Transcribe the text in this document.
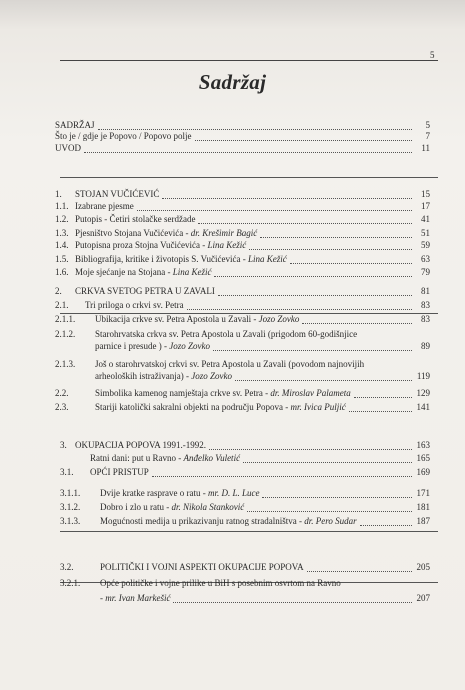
5
Sadržaj
SADRŽAJ	5
Što je / gdje je Popovo / Popovo polje	7
UVOD	11
1. STOJAN VUČIĆEVIĆ	15
1.1. Izabrane pjesme	17
1.2. Putopis - Četiri stolačke serdžade	41
1.3. Pjesništvo Stojana Vučićevića - dr. Krešimir Bagić	51
1.4. Putopisna proza Stojna Vučićevića - Lina Kežić	59
1.5. Bibliografija, kritike i životopis S. Vučićevića - Lina Kežić	63
1.6. Moje sjećanje na Stojana - Lina Kežić	79
2. CRKVA SVETOG PETRA U ZAVALI	81
2.1. Tri priloga o crkvi sv. Petra	83
2.1.1. Ubikacija crkve sv. Petra Apostola u Zavali - Jozo Zovko	83
2.1.2. Starohrvatska crkva sv. Petra Apostola u Zavali (prigodom 60-godišnjice
parnice i presude ) - Jozo Zovko	89
2.1.3. Još o starohrvatskoj crkvi sv. Petra Apostola u Zavali (povodom najnovijih
arheoloških istraživanja) - Jozo Zovko	119
2.2.	Simbolika kamenog namještaja crkve sv. Petra - dr. Miroslav Palameta	129
2.3.	Stariji katolički sakralni objekti na području Popova - mr. Ivica Puljić	141
3. OKUPACIJA POPOVA 1991.-1992.	163
Ratni dani: put u Ravno - Anđelko Vuletić	165
3.1. OPĆI PRISTUP	169
3.1.1. Dvije kratke rasprave o ratu - mr. D. L. Luce	171
3.1.2. Dobro i zlo u ratu - dr. Nikola Stanković	181
3.1.3. Mogućnosti medija u prikazivanju ratnog stradalništva - dr. Pero Sudar	187
3.2.	POLITIČKI I VOJNI ASPEKTI OKUPACIJE POPOVA	205
3.2.1. Opće političke i vojne prilike u BiH s posebnim osvrtom na Ravno
- mr. Ivan Markešić	207
